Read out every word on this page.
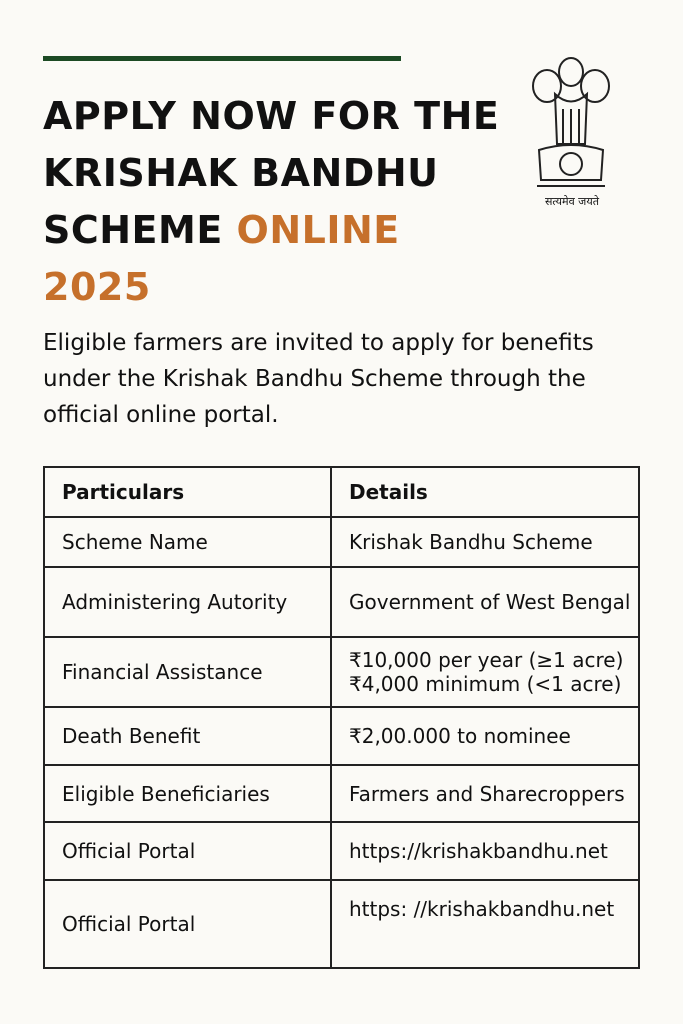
APPLY NOW FOR THE
KRISHAK BANDHU
SCHEME ONLINE
2025
सत्यमेव जयते

Eligible farmers are invited to apply for benefits under the Krishak Bandhu Scheme through the official online portal.

Particulars	Details
Scheme Name	Krishak Bandhu Scheme
Administering Autority	Government of West Bengal
Financial Assistance	₹10,000 per year (≥1 acre)
₹4,000 minimum (<1 acre)

Death Benefit	₹2,00.000 to nominee
Eligible Beneficiaries	Farmers and Sharecroppers
Official Portal	https://krishakbandhu.net
Official Portal	https: //krishakbandhu.net
